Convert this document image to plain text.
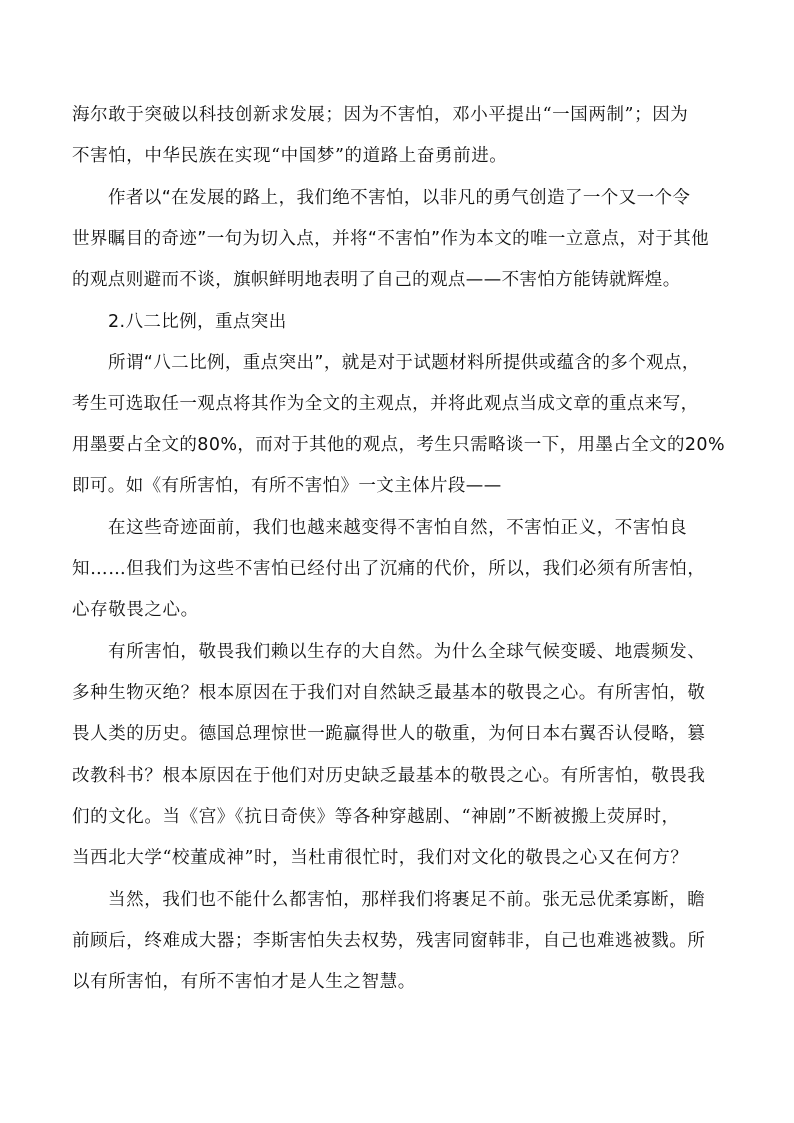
海尔敢于突破以科技创新求发展；因为不害怕，邓小平提出“一国两制”；因为

不害怕，中华民族在实现“中国梦”的道路上奋勇前进。

作者以“在发展的路上，我们绝不害怕，以非凡的勇气创造了一个又一个令

世界瞩目的奇迹”一句为切入点，并将“不害怕”作为本文的唯一立意点，对于其他

的观点则避而不谈，旗帜鲜明地表明了自己的观点——不害怕方能铸就辉煌。

2.八二比例，重点突出

所谓“八二比例，重点突出”，就是对于试题材料所提供或蕴含的多个观点，

考生可选取任一观点将其作为全文的主观点，并将此观点当成文章的重点来写，

用墨要占全文的80%，而对于其他的观点，考生只需略谈一下，用墨占全文的20%

即可。如《有所害怕，有所不害怕》一文主体片段——

在这些奇迹面前，我们也越来越变得不害怕自然，不害怕正义，不害怕良

知……但我们为这些不害怕已经付出了沉痛的代价，所以，我们必须有所害怕，

心存敬畏之心。

有所害怕，敬畏我们赖以生存的大自然。为什么全球气候变暖、地震频发、

多种生物灭绝？根本原因在于我们对自然缺乏最基本的敬畏之心。有所害怕，敬

畏人类的历史。德国总理惊世一跪赢得世人的敬重，为何日本右翼否认侵略，篡

改教科书？根本原因在于他们对历史缺乏最基本的敬畏之心。有所害怕，敬畏我

们的文化。当《宫》《抗日奇侠》等各种穿越剧、“神剧”不断被搬上荧屏时，

当西北大学“校董成神”时，当杜甫很忙时，我们对文化的敬畏之心又在何方？

当然，我们也不能什么都害怕，那样我们将裹足不前。张无忌优柔寡断，瞻

前顾后，终难成大器；李斯害怕失去权势，残害同窗韩非，自己也难逃被戮。所

以有所害怕，有所不害怕才是人生之智慧。
